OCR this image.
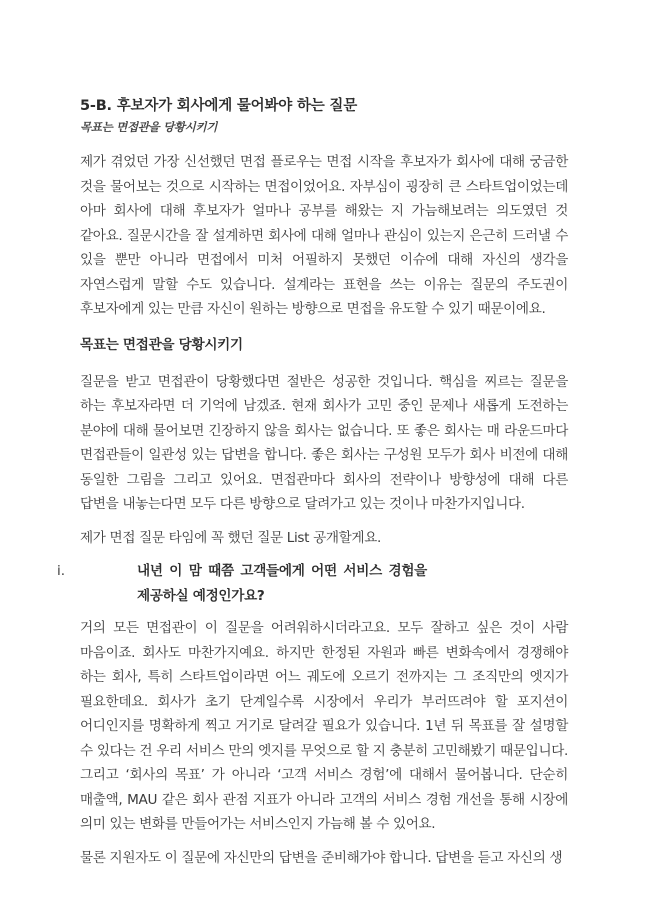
5-B. 후보자가 회사에게 물어봐야 하는 질문

목표는 면접관을 당황시키기

제가 겪었던 가장 신선했던 면접 플로우는 면접 시작을 후보자가 회사에 대해 궁금한 것을 물어보는 것으로 시작하는 면접이었어요. 자부심이 굉장히 큰 스타트업이었는데 아마 회사에 대해 후보자가 얼마나 공부를 해왔는 지 가늠해보려는 의도였던 것 같아요. 질문시간을 잘 설계하면 회사에 대해 얼마나 관심이 있는지 은근히 드러낼 수 있을 뿐만 아니라 면접에서 미처 어필하지 못했던 이슈에 대해 자신의 생각을 자연스럽게 말할 수도 있습니다. 설계라는 표현을 쓰는 이유는 질문의 주도권이 후보자에게 있는 만큼 자신이 원하는 방향으로 면접을 유도할 수 있기 때문이에요.

목표는 면접관을 당황시키기

질문을 받고 면접관이 당황했다면 절반은 성공한 것입니다. 핵심을 찌르는 질문을 하는 후보자라면 더 기억에 남겠죠. 현재 회사가 고민 중인 문제나 새롭게 도전하는 분야에 대해 물어보면 긴장하지 않을 회사는 없습니다. 또 좋은 회사는 매 라운드마다 면접관들이 일관성 있는 답변을 합니다. 좋은 회사는 구성원 모두가 회사 비전에 대해 동일한 그림을 그리고 있어요. 면접관마다 회사의 전략이나 방향성에 대해 다른 답변을 내놓는다면 모두 다른 방향으로 달려가고 있는 것이나 마찬가지입니다.

제가 면접 질문 타임에 꼭 했던 질문 List 공개할게요.

i.	내년 이 맘 때쯤 고객들에게 어떤 서비스 경험을 제공하실 예정인가요?

거의 모든 면접관이 이 질문을 어려워하시더라고요. 모두 잘하고 싶은 것이 사람 마음이죠. 회사도 마찬가지예요. 하지만 한정된 자원과 빠른 변화속에서 경쟁해야 하는 회사, 특히 스타트업이라면 어느 궤도에 오르기 전까지는 그 조직만의 엣지가 필요한데요. 회사가 초기 단계일수록 시장에서 우리가 부러뜨려야 할 포지션이 어디인지를 명확하게 찍고 거기로 달려갈 필요가 있습니다. 1년 뒤 목표를 잘 설명할 수 있다는 건 우리 서비스 만의 엣지를 무엇으로 할 지 충분히 고민해봤기 때문입니다. 그리고 ‘회사의 목표’ 가 아니라 ‘고객 서비스 경험’에 대해서 물어봅니다. 단순히 매출액, MAU 같은 회사 관점 지표가 아니라 고객의 서비스 경험 개선을 통해 시장에 의미 있는 변화를 만들어가는 서비스인지 가늠해 볼 수 있어요.

물론 지원자도 이 질문에 자신만의 답변을 준비해가야 합니다. 답변을 듣고 자신의 생
